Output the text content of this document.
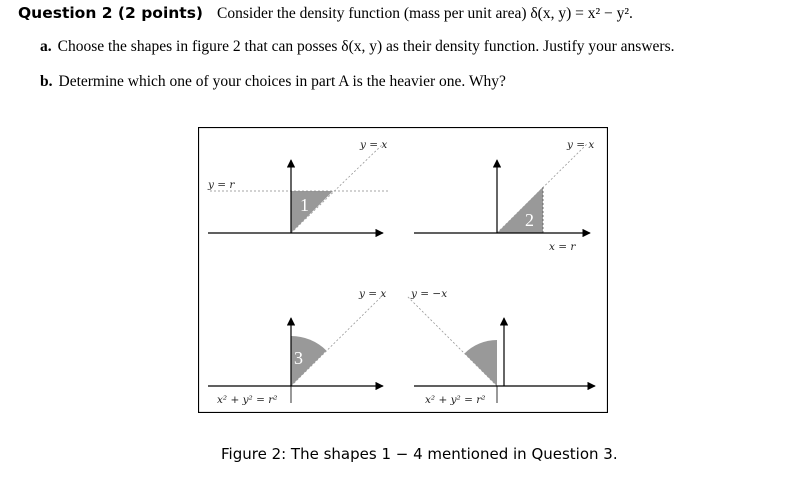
Question 2 (2 points) Consider the density function (mass per unit area) δ(x, y) = x² − y².
a. Choose the shapes in figure 2 that can posses δ(x, y) as their density function. Justify your answers.
b. Determine which one of your choices in part A is the heavier one. Why?
y = x
y = r
1
y = x
x = r
2
y = x
x² + y² = r²
3
y = −x
x² + y² = r²
4
Figure 2: The shapes 1 − 4 mentioned in Question 3.
